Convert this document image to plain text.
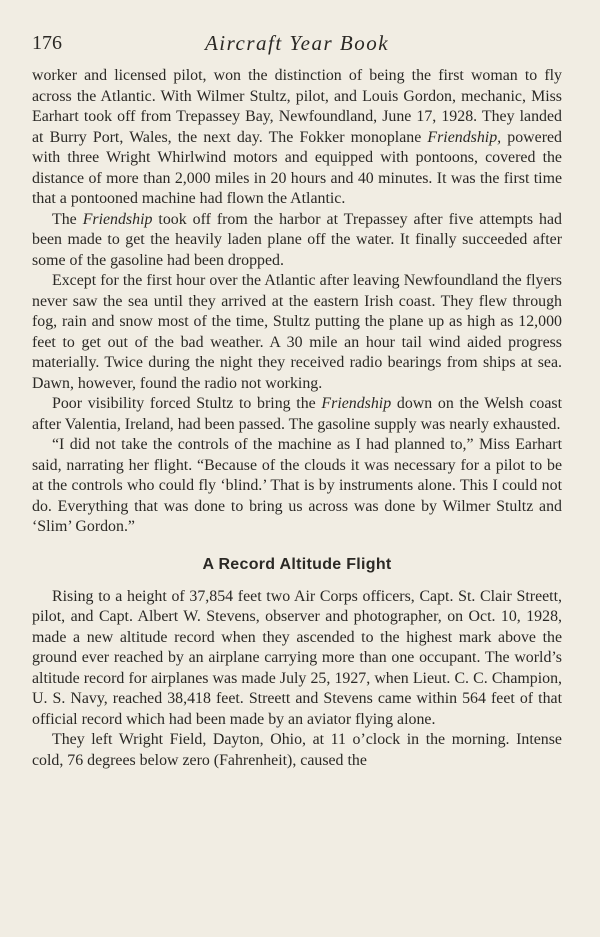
176	Aircraft Year Book

worker and licensed pilot, won the distinction of being the first woman to fly across the Atlantic. With Wilmer Stultz, pilot, and Louis Gordon, mechanic, Miss Earhart took off from Trepassey Bay, Newfoundland, June 17, 1928. They landed at Burry Port, Wales, the next day. The Fokker monoplane Friendship, powered with three Wright Whirlwind motors and equipped with pontoons, covered the distance of more than 2,000 miles in 20 hours and 40 minutes. It was the first time that a pontooned machine had flown the Atlantic.

The Friendship took off from the harbor at Trepassey after five attempts had been made to get the heavily laden plane off the water. It finally succeeded after some of the gasoline had been dropped.

Except for the first hour over the Atlantic after leaving Newfoundland the flyers never saw the sea until they arrived at the eastern Irish coast. They flew through fog, rain and snow most of the time, Stultz putting the plane up as high as 12,000 feet to get out of the bad weather. A 30 mile an hour tail wind aided progress materially. Twice during the night they received radio bearings from ships at sea. Dawn, however, found the radio not working.

Poor visibility forced Stultz to bring the Friendship down on the Welsh coast after Valentia, Ireland, had been passed. The gasoline supply was nearly exhausted.

“I did not take the controls of the machine as I had planned to,” Miss Earhart said, narrating her flight. “Because of the clouds it was necessary for a pilot to be at the controls who could fly ‘blind.’ That is by instruments alone. This I could not do. Everything that was done to bring us across was done by Wilmer Stultz and ‘Slim’ Gordon.”

A Record Altitude Flight

Rising to a height of 37,854 feet two Air Corps officers, Capt. St. Clair Streett, pilot, and Capt. Albert W. Stevens, observer and photographer, on Oct. 10, 1928, made a new altitude record when they ascended to the highest mark above the ground ever reached by an airplane carrying more than one occupant. The world’s altitude record for airplanes was made July 25, 1927, when Lieut. C. C. Champion, U. S. Navy, reached 38,418 feet. Streett and Stevens came within 564 feet of that official record which had been made by an aviator flying alone.

They left Wright Field, Dayton, Ohio, at 11 o’clock in the morning. Intense cold, 76 degrees below zero (Fahrenheit), caused the
